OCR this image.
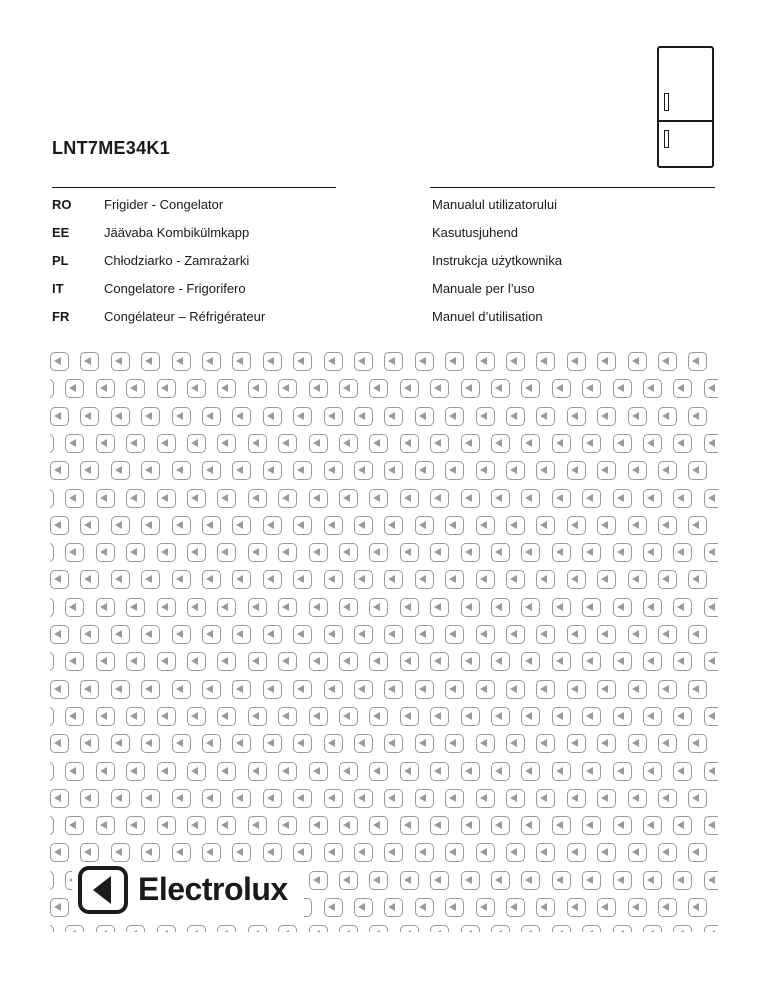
LNT7ME34K1
RO	Frigider - Congelator	Manualul utilizatorului
EE	Jäävaba Kombikülmkapp	Kasutusjuhend
PL	Chłodziarko - Zamrażarki	Instrukcja użytkownika
IT	Congelatore - Frigorifero	Manuale per l’uso
FR	Congélateur – Réfrigérateur	Manuel d’utilisation
Electrolux
